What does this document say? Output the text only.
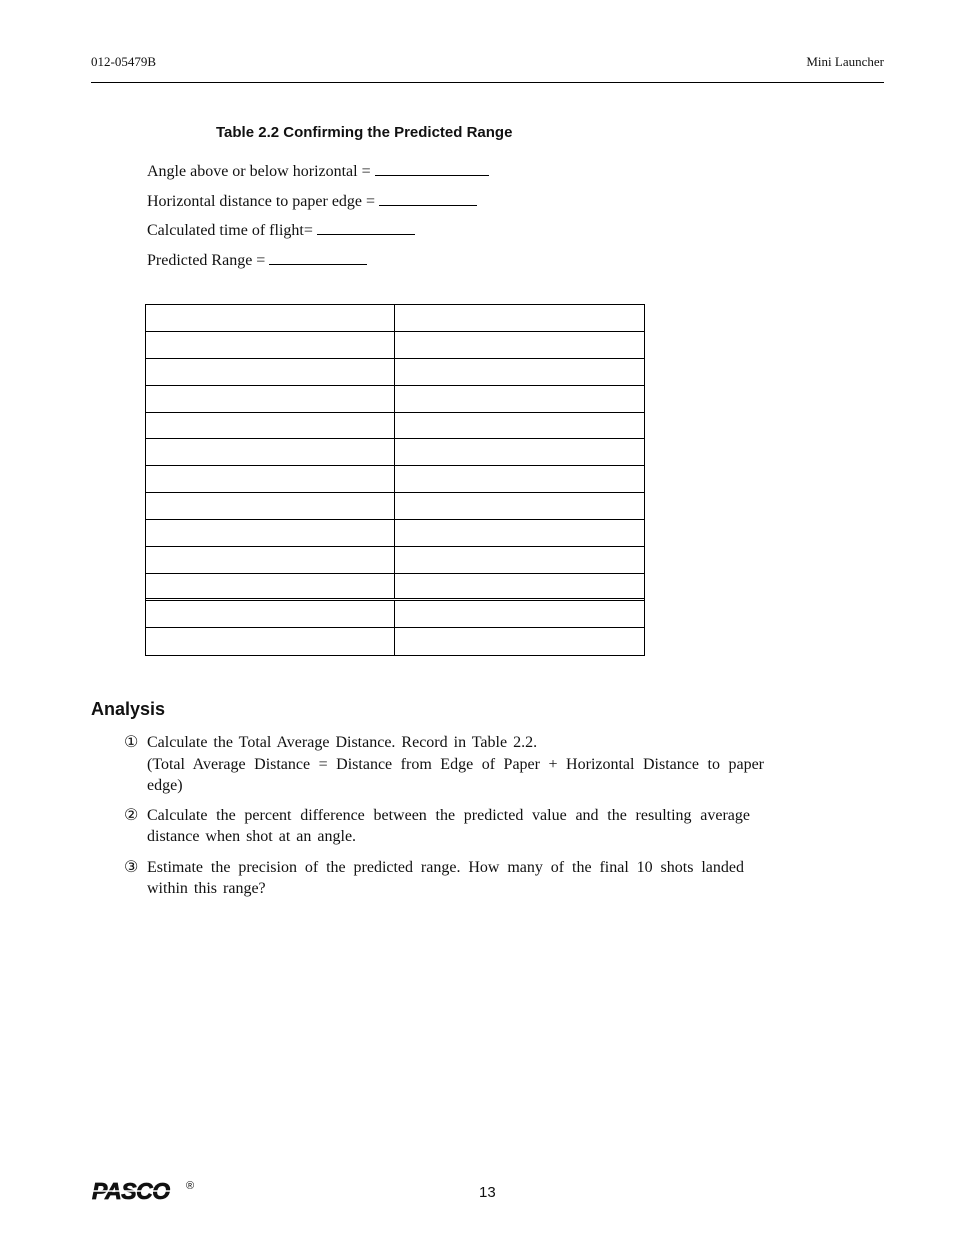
012-05479B	Mini Launcher
Table 2.2 Confirming the Predicted Range
Angle above or below horizontal =
Horizontal distance to paper edge =
Calculated time of flight=
Predicted Range =
Analysis
① Calculate the Total Average Distance. Record in Table 2.2.
(Total Average Distance = Distance from Edge of Paper + Horizontal Distance to paper edge)
② Calculate the percent difference between the predicted value and the resulting average distance when shot at an angle.
③ Estimate the precision of the predicted range. How many of the final 10 shots landed within this range?
PASCO ®	13
